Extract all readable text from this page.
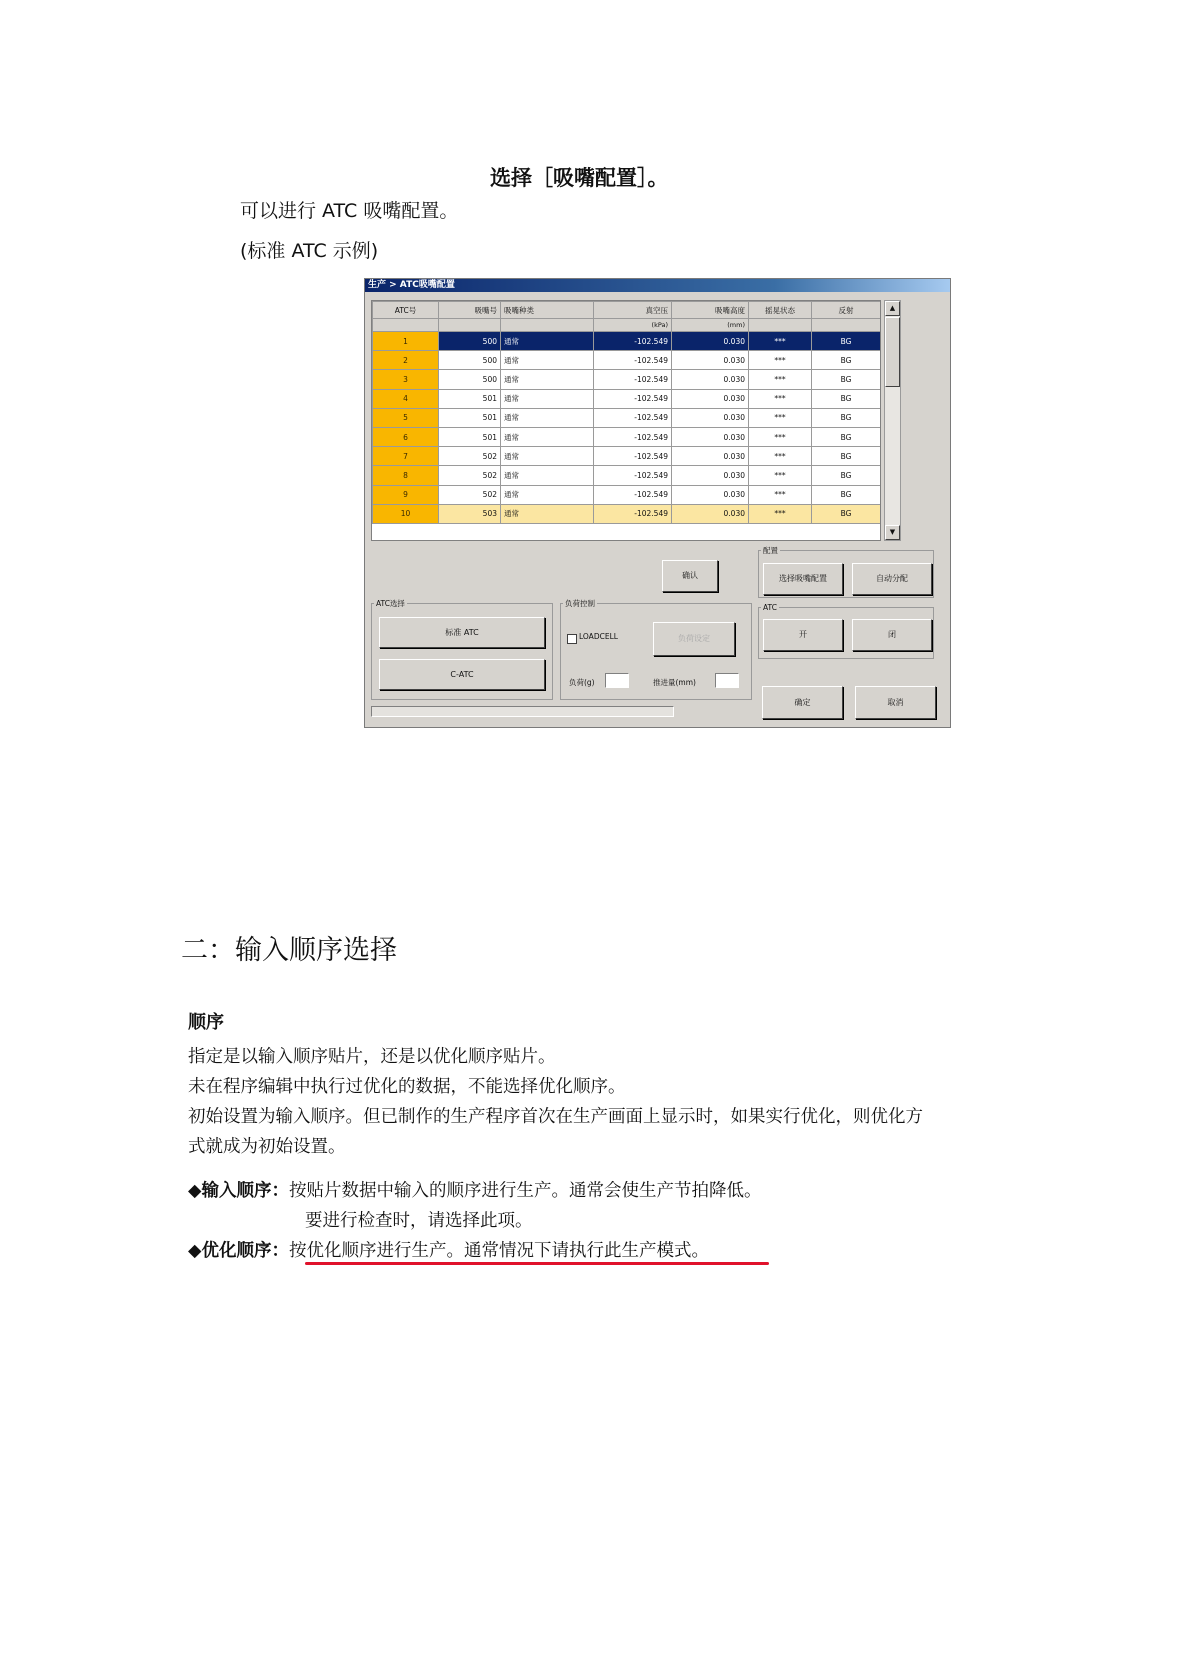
选择［吸嘴配置］。
可以进行 ATC 吸嘴配置。
(标准 ATC 示例)
生产 > ATC吸嘴配置
ATC号	吸嘴号	吸嘴种类	真空压	吸嘴高度	摇晃状态	反射
			(kPa)	(mm)		
1	500	通常	-102.549	0.030	***	BG
2	500	通常	-102.549	0.030	***	BG
3	500	通常	-102.549	0.030	***	BG
4	501	通常	-102.549	0.030	***	BG
5	501	通常	-102.549	0.030	***	BG
6	501	通常	-102.549	0.030	***	BG
7	502	通常	-102.549	0.030	***	BG
8	502	通常	-102.549	0.030	***	BG
9	502	通常	-102.549	0.030	***	BG
10	503	通常	-102.549	0.030	***	BG
▲
▼
配置
确认	选择吸嘴配置	自动分配
ATC选择
标准 ATC
C-ATC
负荷控制
LOADCELL	负荷设定
负荷(g)	推进量(mm)
ATC
开	闭
确定	取消
二：输入顺序选择
顺序
指定是以输入顺序贴片，还是以优化顺序贴片。
未在程序编辑中执行过优化的数据，不能选择优化顺序。
初始设置为输入顺序。但已制作的生产程序首次在生产画面上显示时，如果实行优化，则优化方
式就成为初始设置。
◆输入顺序：按贴片数据中输入的顺序进行生产。通常会使生产节拍降低。
要进行检查时，请选择此项。
◆优化顺序：按优化顺序进行生产。通常情况下请执行此生产模式。
